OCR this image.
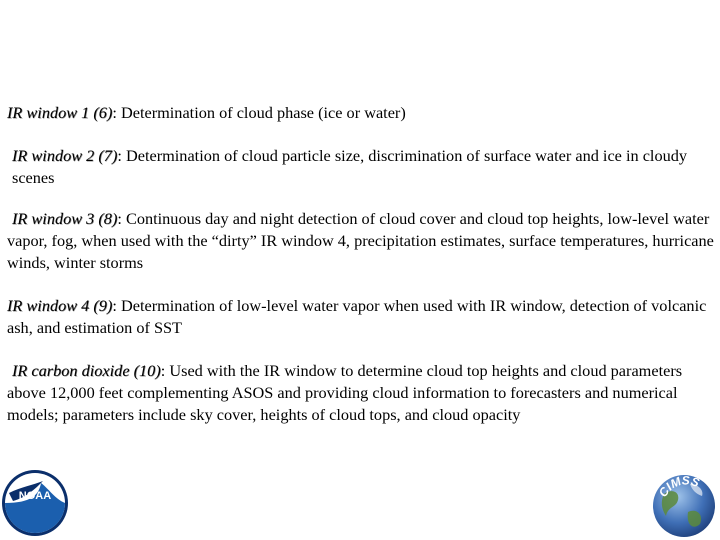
IR window 1 (6): Determination of cloud phase (ice or water)

IR window 2 (7): Determination of cloud particle size, discrimination of surface water and ice in cloudy scenes

IR window 3 (8): Continuous day and night detection of cloud cover and cloud top heights, low-level water vapor, fog, when used with the “dirty” IR window 4, precipitation estimates, surface temperatures, hurricane winds, winter storms

IR window 4 (9): Determination of low-level water vapor when used with IR window, detection of volcanic ash, and estimation of SST

IR carbon dioxide (10): Used with the IR window to determine cloud top heights and cloud parameters above 12,000 feet complementing ASOS and providing cloud information to forecasters and numerical models; parameters include sky cover, heights of cloud tops, and cloud opacity

NOAA	CIMSS
